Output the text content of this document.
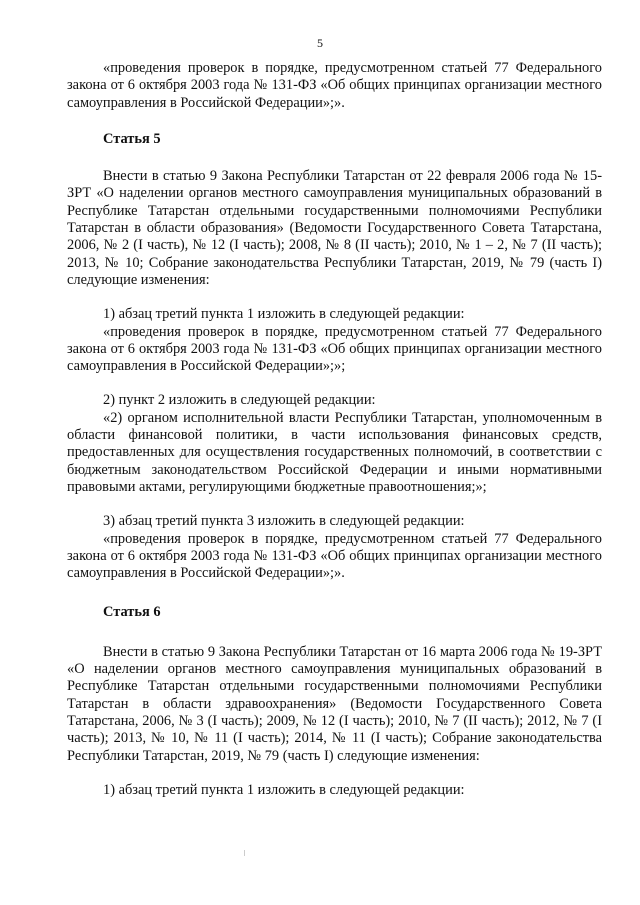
5

«проведения проверок в порядке, предусмотренном статьей 77 Федерального закона от 6 октября 2003 года № 131-ФЗ «Об общих принципах организации местного самоуправления в Российской Федерации»;».

Статья 5

Внести в статью 9 Закона Республики Татарстан от 22 февраля 2006 года № 15-ЗРТ «О наделении органов местного самоуправления муниципальных образований в Республике Татарстан отдельными государственными полномочиями Республики Татарстан в области образования» (Ведомости Государственного Совета Татарстана, 2006, № 2 (I часть), № 12 (I часть); 2008, № 8 (II часть); 2010, № 1 – 2, № 7 (II часть); 2013, № 10; Собрание законодательства Республики Татарстан, 2019, № 79 (часть I) следующие изменения:

1) абзац третий пункта 1 изложить в следующей редакции:

«проведения проверок в порядке, предусмотренном статьей 77 Федерального закона от 6 октября 2003 года № 131-ФЗ «Об общих принципах организации местного самоуправления в Российской Федерации»;»;

2) пункт 2 изложить в следующей редакции:

«2) органом исполнительной власти Республики Татарстан, уполномоченным в области финансовой политики, в части использования финансовых средств, предоставленных для осуществления государственных полномочий, в соответствии с бюджетным законодательством Российской Федерации и иными нормативными правовыми актами, регулирующими бюджетные правоотношения;»;

3) абзац третий пункта 3 изложить в следующей редакции:

«проведения проверок в порядке, предусмотренном статьей 77 Федерального закона от 6 октября 2003 года № 131-ФЗ «Об общих принципах организации местного самоуправления в Российской Федерации»;».

Статья 6

Внести в статью 9 Закона Республики Татарстан от 16 марта 2006 года № 19-ЗРТ «О наделении органов местного самоуправления муниципальных образований в Республике Татарстан отдельными государственными полномочиями Республики Татарстан в области здравоохранения» (Ведомости Государственного Совета Татарстана, 2006, № 3 (I часть); 2009, № 12 (I часть); 2010, № 7 (II часть); 2012, № 7 (I часть); 2013, № 10, № 11 (I часть); 2014, № 11 (I часть); Собрание законодательства Республики Татарстан, 2019, № 79 (часть I) следующие изменения:

1) абзац третий пункта 1 изложить в следующей редакции:
